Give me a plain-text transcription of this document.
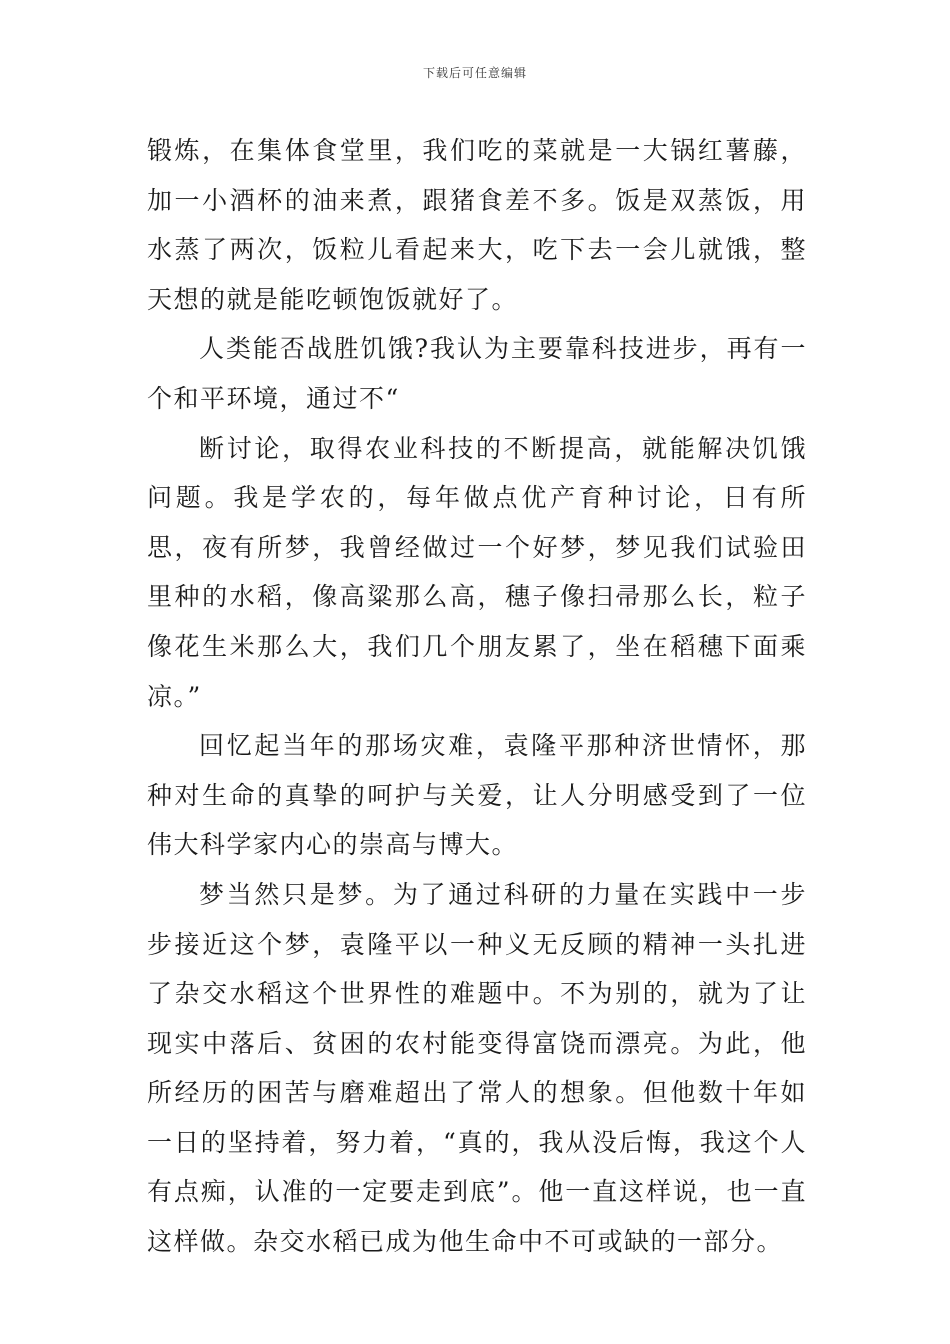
下载后可任意编辑

锻炼，在集体食堂里，我们吃的菜就是一大锅红薯藤，加一小酒杯的油来煮，跟猪食差不多。饭是双蒸饭，用水蒸了两次，饭粒儿看起来大，吃下去一会儿就饿，整天想的就是能吃顿饱饭就好了。

人类能否战胜饥饿?我认为主要靠科技进步，再有一个和平环境，通过不“

断讨论，取得农业科技的不断提高，就能解决饥饿问题。我是学农的，每年做点优产育种讨论，日有所思，夜有所梦，我曾经做过一个好梦，梦见我们试验田里种的水稻，像高粱那么高，穗子像扫帚那么长，粒子像花生米那么大，我们几个朋友累了，坐在稻穗下面乘凉。”

回忆起当年的那场灾难，袁隆平那种济世情怀，那种对生命的真挚的呵护与关爱，让人分明感受到了一位伟大科学家内心的崇高与博大。

梦当然只是梦。为了通过科研的力量在实践中一步步接近这个梦，袁隆平以一种义无反顾的精神一头扎进了杂交水稻这个世界性的难题中。不为别的，就为了让现实中落后、贫困的农村能变得富饶而漂亮。为此，他所经历的困苦与磨难超出了常人的想象。但他数十年如一日的坚持着，努力着，“真的，我从没后悔，我这个人有点痴，认准的一定要走到底”。他一直这样说，也一直这样做。杂交水稻已成为他生命中不可或缺的一部分。
